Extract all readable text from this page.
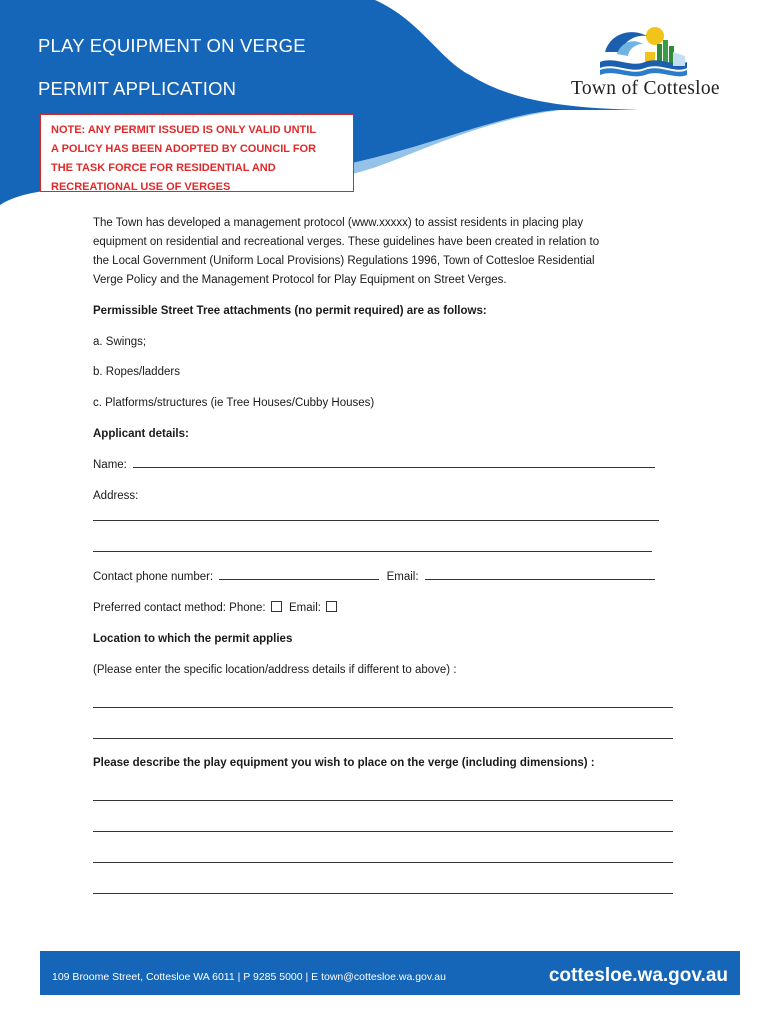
PLAY EQUIPMENT ON VERGE
PERMIT APPLICATION	Town of Cottesloe
NOTE: ANY PERMIT ISSUED IS ONLY VALID UNTIL
A POLICY HAS BEEN ADOPTED BY COUNCIL FOR
THE TASK FORCE FOR RESIDENTIAL AND
RECREATIONAL USE OF VERGES
The Town has developed a management protocol (www.xxxxx) to assist residents in placing play
equipment on residential and recreational verges. These guidelines have been created in relation to
the Local Government (Uniform Local Provisions) Regulations 1996, Town of Cottesloe Residential
Verge Policy and the Management Protocol for Play Equipment on Street Verges.
Permissible Street Tree attachments (no permit required) are as follows:
a. Swings;
b. Ropes/ladders
c. Platforms/structures (ie Tree Houses/Cubby Houses)
Applicant details:
Name:
Address:
Contact phone number:	Email:
Preferred contact method: Phone: Email:
Location to which the permit applies
(Please enter the specific location/address details if different to above) :
Please describe the play equipment you wish to place on the verge (including dimensions) :
109 Broome Street, Cottesloe WA 6011 | P 9285 5000 | E town@cottesloe.wa.gov.au	cottesloe.wa.gov.au
